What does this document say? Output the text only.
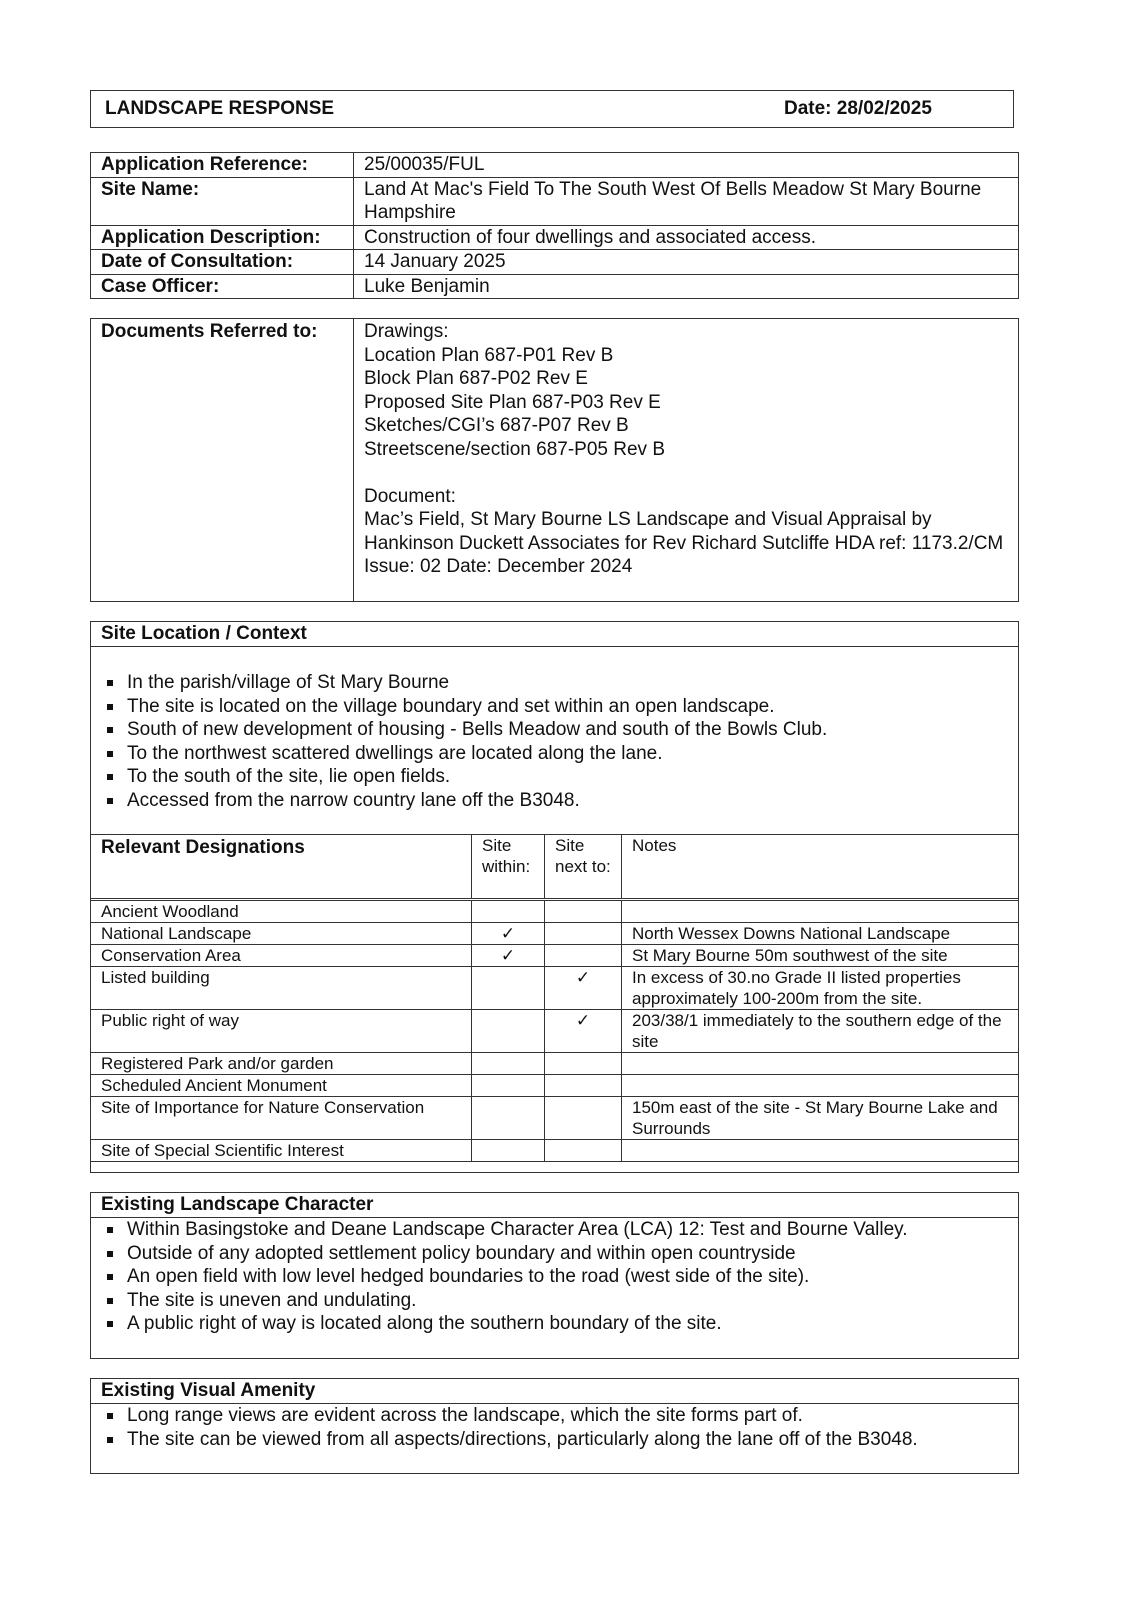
LANDSCAPE RESPONSE	Date: 28/02/2025
Application Reference:	25/00035/FUL
Site Name:	Land At Mac's Field To The South West Of Bells Meadow St Mary Bourne Hampshire
Application Description:	Construction of four dwellings and associated access.
Date of Consultation:	14 January 2025
Case Officer:	Luke Benjamin
Documents Referred to:	Drawings:
Location Plan 687-P01 Rev B
Block Plan 687-P02 Rev E
Proposed Site Plan 687-P03 Rev E
Sketches/CGI’s 687-P07 Rev B
Streetscene/section 687-P05 Rev B
Document:
Mac’s Field, St Mary Bourne LS Landscape and Visual Appraisal by Hankinson Duckett Associates for Rev Richard Sutcliffe HDA ref: 1173.2/CM Issue: 02 Date: December 2024
Site Location / Context
In the parish/village of St Mary Bourne
The site is located on the village boundary and set within an open landscape.
South of new development of housing - Bells Meadow and south of the Bowls Club.
To the northwest scattered dwellings are located along the lane.
To the south of the site, lie open fields.
Accessed from the narrow country lane off the B3048.
Relevant Designations	Site within:	Site next to:	Notes
Ancient Woodland			
National Landscape	✓		North Wessex Downs National Landscape
Conservation Area	✓		St Mary Bourne 50m southwest of the site
Listed building		✓	In excess of 30.no Grade II listed properties approximately 100-200m from the site.
Public right of way		✓	203/38/1 immediately to the southern edge of the site
Registered Park and/or garden			
Scheduled Ancient Monument			
Site of Importance for Nature Conservation			150m east of the site - St Mary Bourne Lake and Surrounds
Site of Special Scientific Interest			
Existing Landscape Character
Within Basingstoke and Deane Landscape Character Area (LCA) 12: Test and Bourne Valley.
Outside of any adopted settlement policy boundary and within open countryside
An open field with low level hedged boundaries to the road (west side of the site).
The site is uneven and undulating.
A public right of way is located along the southern boundary of the site.
Existing Visual Amenity
Long range views are evident across the landscape, which the site forms part of.
The site can be viewed from all aspects/directions, particularly along the lane off of the B3048.
